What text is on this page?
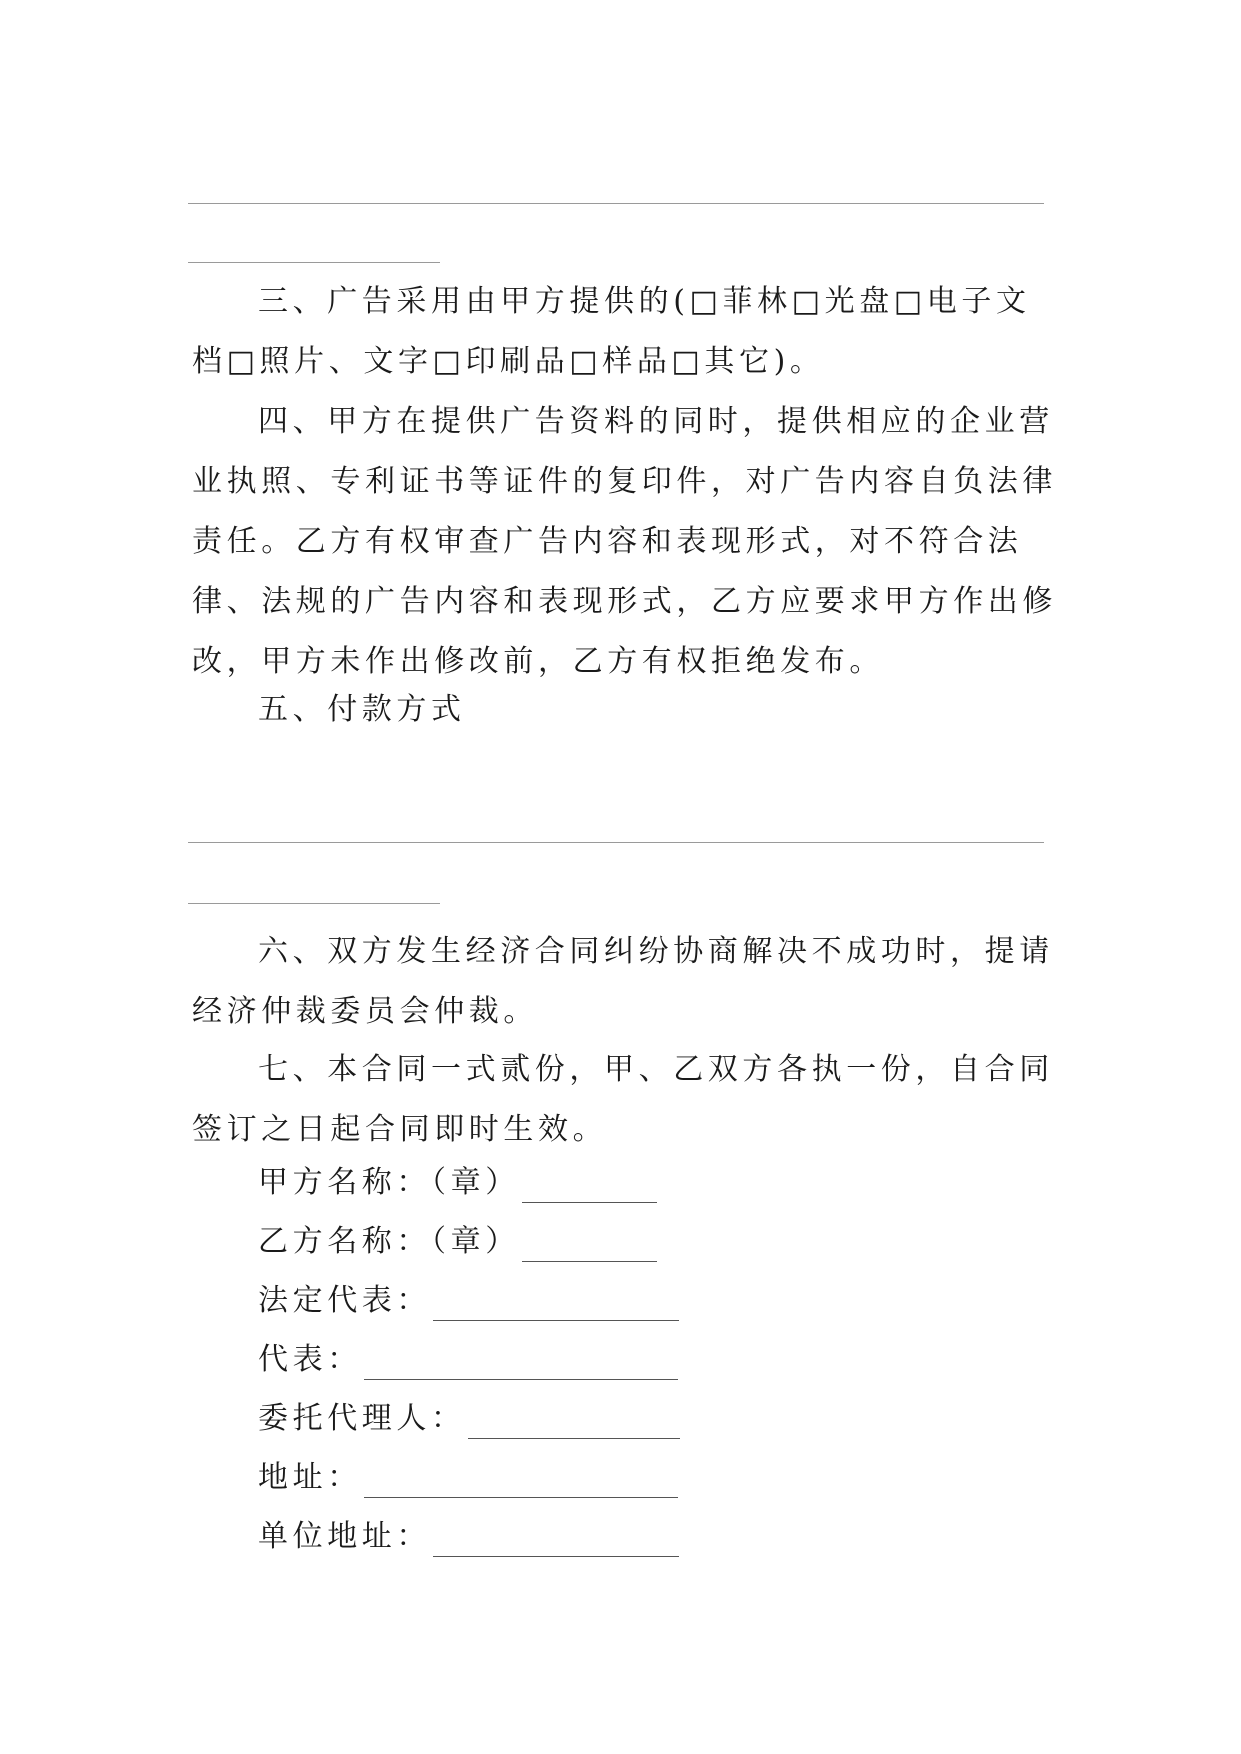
三、广告采用由甲方提供的(□菲林□光盘□电子文档□照片、文字□印刷品□样品□其它)。

四、甲方在提供广告资料的同时，提供相应的企业营业执照、专利证书等证件的复印件，对广告内容自负法律责任。乙方有权审查广告内容和表现形式，对不符合法律、法规的广告内容和表现形式，乙方应要求甲方作出修改，甲方未作出修改前，乙方有权拒绝发布。

五、付款方式

六、双方发生经济合同纠纷协商解决不成功时，提请经济仲裁委员会仲裁。

七、本合同一式贰份，甲、乙双方各执一份，自合同签订之日起合同即时生效。

甲方名称：（章）
乙方名称：（章）
法定代表：
代表：
委托代理人：
地址：
单位地址：
